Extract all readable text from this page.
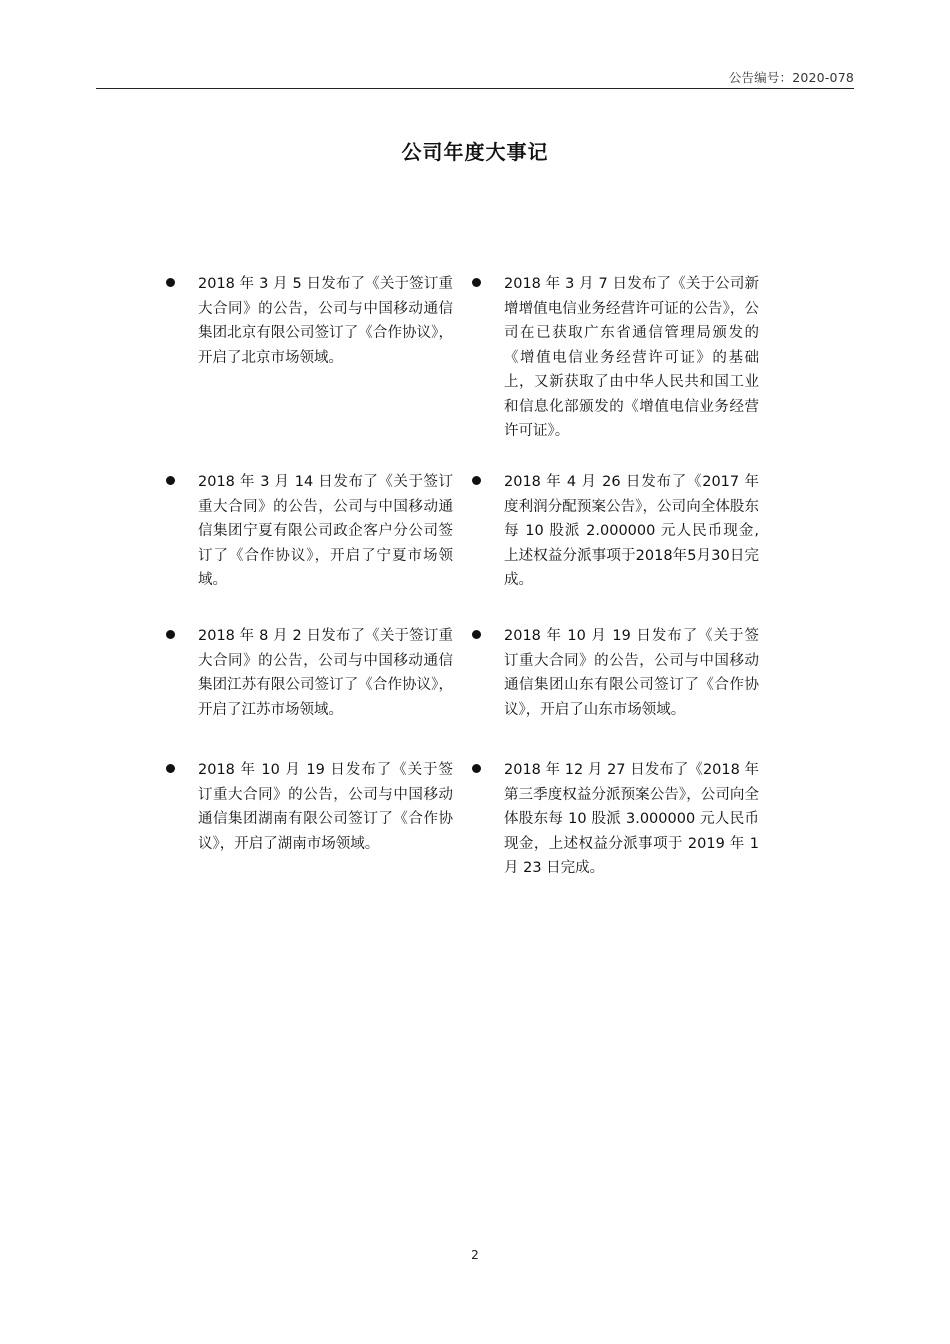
公告编号：2020-078
公司年度大事记
2018 年 3 月 5 日发布了《关于签订重大合同》的公告，公司与中国移动通信集团北京有限公司签订了《合作协议》，开启了北京市场领域。
2018 年 3 月 7 日发布了《关于公司新增增值电信业务经营许可证的公告》，公司在已获取广东省通信管理局颁发的《增值电信业务经营许可证》的基础上，又新获取了由中华人民共和国工业和信息化部颁发的《增值电信业务经营许可证》。
2018 年 3 月 14 日发布了《关于签订重大合同》的公告，公司与中国移动通信集团宁夏有限公司政企客户分公司签订了《合作协议》，开启了宁夏市场领域。
2018 年 4 月 26 日发布了《2017 年度利润分配预案公告》，公司向全体股东每 10 股派 2.000000 元人民币现金,上述权益分派事项于2018年5月30日完成。
2018 年 8 月 2 日发布了《关于签订重大合同》的公告，公司与中国移动通信集团江苏有限公司签订了《合作协议》，开启了江苏市场领域。
2018 年 10 月 19 日发布了《关于签订重大合同》的公告，公司与中国移动通信集团山东有限公司签订了《合作协议》，开启了山东市场领域。
2018 年 10 月 19 日发布了《关于签订重大合同》的公告，公司与中国移动通信集团湖南有限公司签订了《合作协议》，开启了湖南市场领域。
2018 年 12 月 27 日发布了《2018 年第三季度权益分派预案公告》，公司向全体股东每 10 股派 3.000000 元人民币现金，上述权益分派事项于 2019 年 1 月 23 日完成。
2
